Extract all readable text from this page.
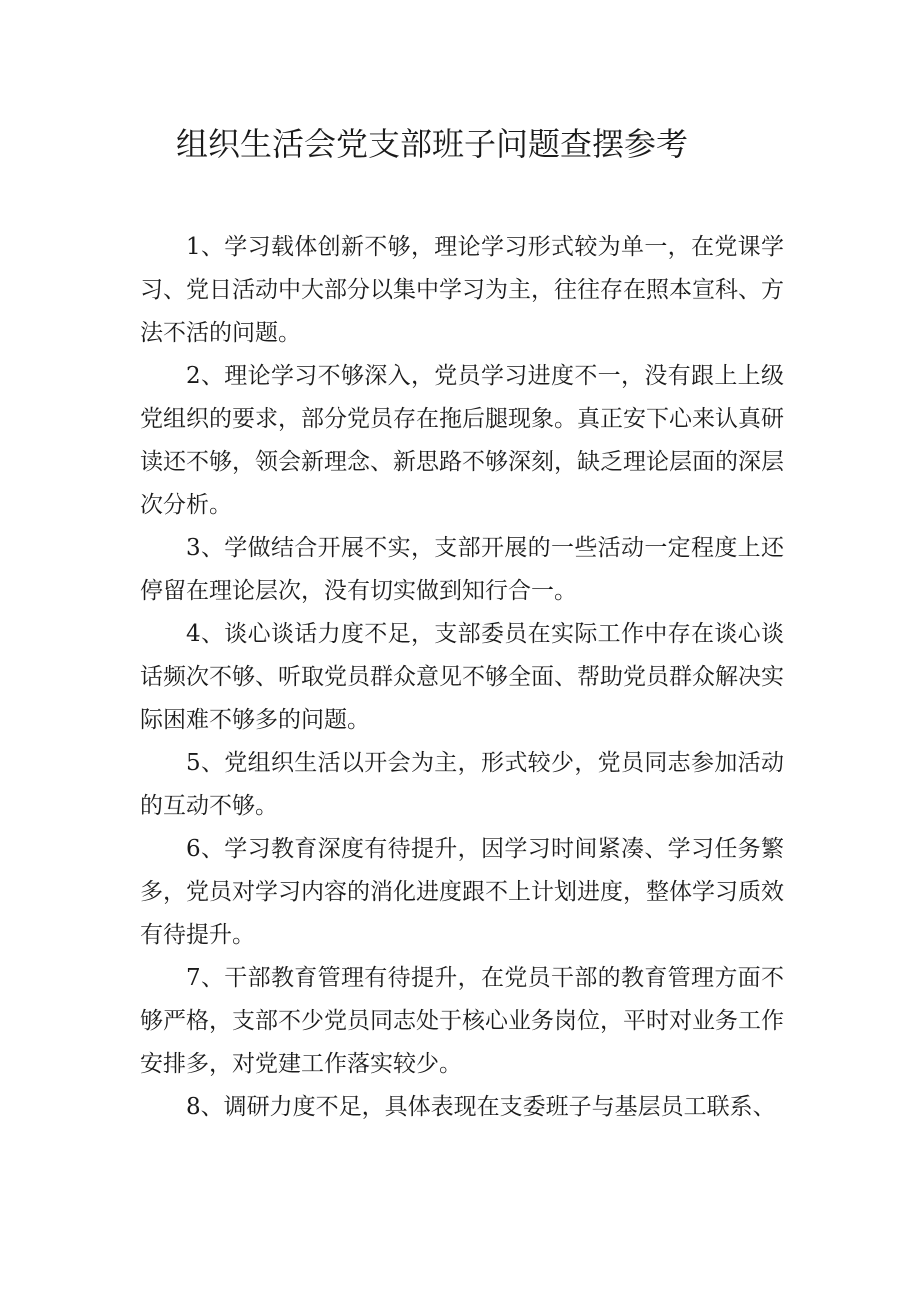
组织生活会党支部班子问题查摆参考

1、学习载体创新不够，理论学习形式较为单一，在党课学习、党日活动中大部分以集中学习为主，往往存在照本宣科、方法不活的问题。

2、理论学习不够深入，党员学习进度不一，没有跟上上级党组织的要求，部分党员存在拖后腿现象。真正安下心来认真研读还不够，领会新理念、新思路不够深刻，缺乏理论层面的深层次分析。

3、学做结合开展不实，支部开展的一些活动一定程度上还停留在理论层次，没有切实做到知行合一。

4、谈心谈话力度不足，支部委员在实际工作中存在谈心谈话频次不够、听取党员群众意见不够全面、帮助党员群众解决实际困难不够多的问题。

5、党组织生活以开会为主，形式较少，党员同志参加活动的互动不够。

6、学习教育深度有待提升，因学习时间紧凑、学习任务繁多，党员对学习内容的消化进度跟不上计划进度，整体学习质效有待提升。

7、干部教育管理有待提升，在党员干部的教育管理方面不够严格，支部不少党员同志处于核心业务岗位，平时对业务工作安排多，对党建工作落实较少。

8、调研力度不足，具体表现在支委班子与基层员工联系、
